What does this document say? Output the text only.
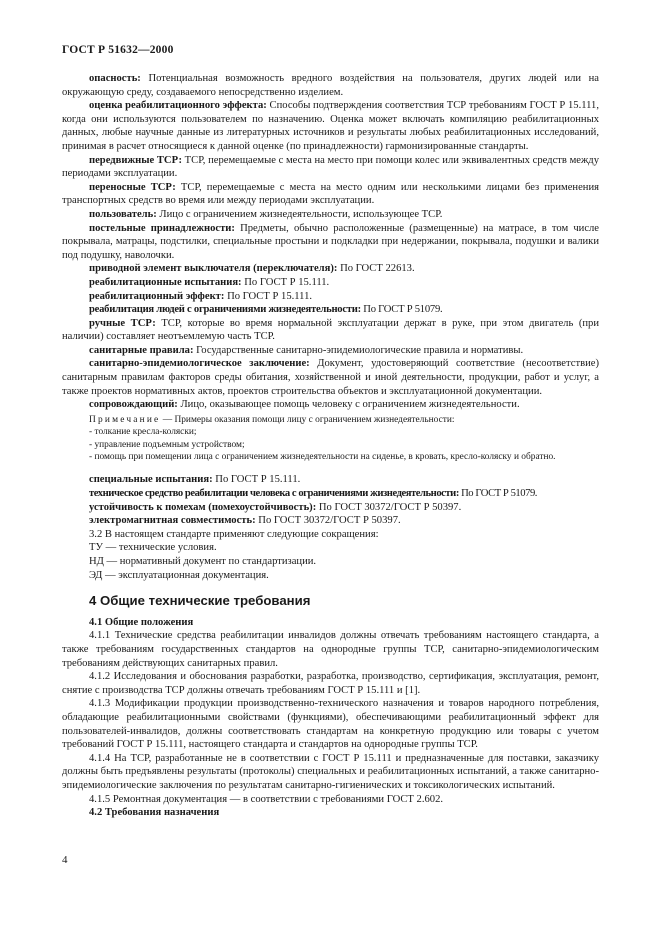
ГОСТ Р 51632—2000

опасность: Потенциальная возможность вредного воздействия на пользователя, других людей или на окружающую среду, создаваемого непосредственно изделием.

оценка реабилитационного эффекта: Способы подтверждения соответствия ТСР требованиям ГОСТ Р 15.111, когда они используются пользователем по назначению. Оценка может включать компиляцию реабилитационных данных, любые научные данные из литературных источников и результаты любых реабилитационных исследований, принимая в расчет относящиеся к данной оценке (по принадлежности) гармонизированные стандарты.

передвижные ТСР: ТСР, перемещаемые с места на место при помощи колес или эквивалентных средств между периодами эксплуатации.

переносные ТСР: ТСР, перемещаемые с места на место одним или несколькими лицами без применения транспортных средств во время или между периодами эксплуатации.

пользователь: Лицо с ограничением жизнедеятельности, использующее ТСР.

постельные принадлежности: Предметы, обычно расположенные (размещенные) на матрасе, в том числе покрывала, матрацы, подстилки, специальные простыни и подкладки при недержании, покрывала, подушки и валики под подушку, наволочки.

приводной элемент выключателя (переключателя): По ГОСТ 22613.

реабилитационные испытания: По ГОСТ Р 15.111.

реабилитационный эффект: По ГОСТ Р 15.111.

реабилитация людей с ограничениями жизнедеятельности: По ГОСТ Р 51079.

ручные ТСР: ТСР, которые во время нормальной эксплуатации держат в руке, при этом двигатель (при наличии) составляет неотъемлемую часть ТСР.

санитарные правила: Государственные санитарно-эпидемиологические правила и нормативы.

санитарно-эпидемиологическое заключение: Документ, удостоверяющий соответствие (несоответствие) санитарным правилам факторов среды обитания, хозяйственной и иной деятельности, продукции, работ и услуг, а также проектов нормативных актов, проектов строительства объектов и эксплуатационной документации.

сопровождающий: Лицо, оказывающее помощь человеку с ограничением жизнедеятельности.

Примечание — Примеры оказания помощи лицу с ограничением жизнедеятельности:

- толкание кресла-коляски;

- управление подъемным устройством;

- помощь при помещении лица с ограничением жизнедеятельности на сиденье, в кровать, кресло-коляску и обратно.

специальные испытания: По ГОСТ Р 15.111.

техническое средство реабилитации человека с ограничениями жизнедеятельности: По ГОСТ Р 51079.

устойчивость к помехам (помехоустойчивость): По ГОСТ 30372/ГОСТ Р 50397.

электромагнитная совместимость: По ГОСТ 30372/ГОСТ Р 50397.

3.2 В настоящем стандарте применяют следующие сокращения:

ТУ — технические условия.

НД — нормативный документ по стандартизации.

ЭД — эксплуатационная документация.

4 Общие технические требования

4.1 Общие положения

4.1.1 Технические средства реабилитации инвалидов должны отвечать требованиям настоящего стандарта, а также требованиям государственных стандартов на однородные группы ТСР, санитарно-эпидемиологическим требованиям действующих санитарных правил.

4.1.2 Исследования и обоснования разработки, разработка, производство, сертификация, эксплуатация, ремонт, снятие с производства ТСР должны отвечать требованиям ГОСТ Р 15.111 и [1].

4.1.3 Модификации продукции производственно-технического назначения и товаров народного потребления, обладающие реабилитационными свойствами (функциями), обеспечивающими реабилитационный эффект для пользователей-инвалидов, должны соответствовать стандартам на конкретную продукцию или товары с учетом требований ГОСТ Р 15.111, настоящего стандарта и стандартов на однородные группы ТСР.

4.1.4 На ТСР, разработанные не в соответствии с ГОСТ Р 15.111 и предназначенные для поставки, заказчику должны быть предъявлены результаты (протоколы) специальных и реабилитационных испытаний, а также санитарно-эпидемиологические заключения по результатам санитарно-гигиенических и токсикологических испытаний.

4.1.5 Ремонтная документация — в соответствии с требованиями ГОСТ 2.602.

4.2 Требования назначения

4
